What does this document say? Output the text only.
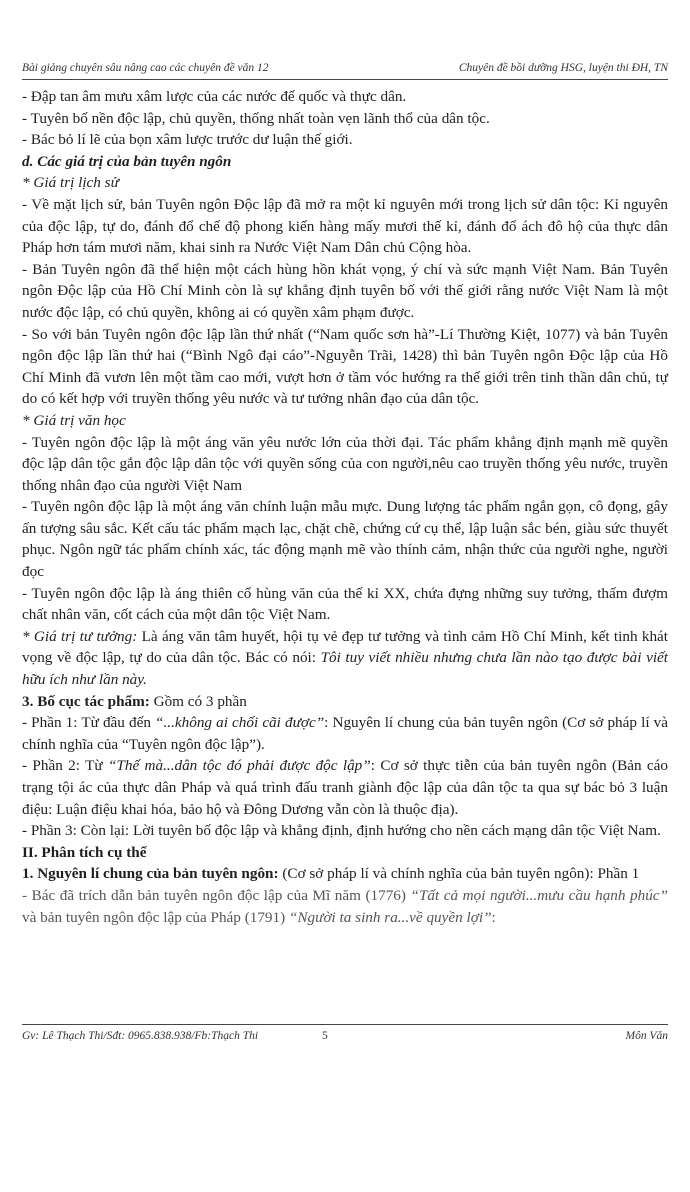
Bài giảng chuyên sâu nâng cao các chuyên đề văn 12	Chuyên đề bồi dưỡng HSG, luyện thi ĐH, TN

- Đập tan âm mưu xâm lược của các nước đế quốc và thực dân.

- Tuyên bố nền độc lập, chủ quyền, thống nhất toàn vẹn lãnh thổ của dân tộc.

- Bác bỏ lí lẽ của bọn xâm lược trước dư luận thế giới.

d. Các giá trị của bản tuyên ngôn

* Giá trị lịch sử

- Về mặt lịch sử, bản Tuyên ngôn Độc lập đã mở ra một kỉ nguyên mới trong lịch sử dân tộc: Kỉ nguyên của độc lập, tự do, đánh đổ chế độ phong kiến hàng mấy mươi thế kỉ, đánh đổ ách đô hộ của thực dân Pháp hơn tám mươi năm, khai sinh ra Nước Việt Nam Dân chủ Cộng hòa.

- Bản Tuyên ngôn đã thể hiện một cách hùng hồn khát vọng, ý chí và sức mạnh Việt Nam. Bản Tuyên ngôn Độc lập của Hồ Chí Minh còn là sự khẳng định tuyên bố với thế giới rằng nước Việt Nam là một nước độc lập, có chủ quyền, không ai có quyền xâm phạm được.

- So với bản Tuyên ngôn độc lập lần thứ nhất (“Nam quốc sơn hà”-Lí Thường Kiệt, 1077) và bản Tuyên ngôn độc lập lần thứ hai (“Bình Ngô đại cáo”-Nguyễn Trãi, 1428) thì bản Tuyên ngôn Độc lập của Hồ Chí Minh đã vươn lên một tầm cao mới, vượt hơn ở tầm vóc hướng ra thế giới trên tinh thần dân chủ, tự do có kết hợp với truyền thống yêu nước và tư tưởng nhân đạo của dân tộc.

* Giá trị văn học

- Tuyên ngôn độc lập là một áng văn yêu nước lớn của thời đại. Tác phẩm khẳng định mạnh mẽ quyền độc lập dân tộc gắn độc lập dân tộc với quyền sống của con người,nêu cao truyền thống yêu nước, truyền thống nhân đạo của người Việt Nam

- Tuyên ngôn độc lập là một áng văn chính luận mẫu mực. Dung lượng tác phẩm ngắn gọn, cô đọng, gây ấn tượng sâu sắc. Kết cấu tác phẩm mạch lạc, chặt chẽ, chứng cứ cụ thể, lập luận sắc bén, giàu sức thuyết phục. Ngôn ngữ tác phẩm chính xác, tác động mạnh mẽ vào thính cảm, nhận thức của người nghe, người đọc

- Tuyên ngôn độc lập là áng thiên cổ hùng văn của thế kỉ XX, chứa đựng những suy tưởng, thấm đượm chất nhân văn, cốt cách của một dân tộc Việt Nam.

* Giá trị tư tưởng: Là áng văn tâm huyết, hội tụ vẻ đẹp tư tưởng và tình cảm Hồ Chí Minh, kết tinh khát vọng về độc lập, tự do của dân tộc. Bác có nói: Tôi tuy viết nhiều nhưng chưa lần nào tạo được bài viết hữu ích như lần này.

3. Bố cục tác phẩm: Gồm có 3 phần

- Phần 1: Từ đầu đến “...không ai chối cãi được”: Nguyên lí chung của bản tuyên ngôn (Cơ sở pháp lí và chính nghĩa của “Tuyên ngôn độc lập”).

- Phần 2: Từ “Thế mà...dân tộc đó phải được độc lập”: Cơ sở thực tiễn của bản tuyên ngôn (Bản cáo trạng tội ác của thực dân Pháp và quá trình đấu tranh giành độc lập của dân tộc ta qua sự bác bỏ 3 luận điệu: Luận điệu khai hóa, bảo hộ và Đông Dương vẫn còn là thuộc địa).

- Phần 3: Còn lại: Lời tuyên bố độc lập và khẳng định, định hướng cho nền cách mạng dân tộc Việt Nam.

II. Phân tích cụ thể

1. Nguyên lí chung của bản tuyên ngôn: (Cơ sở pháp lí và chính nghĩa của bản tuyên ngôn): Phần 1

- Bác đã trích dẫn bản tuyên ngôn độc lập của Mĩ năm (1776) “Tất cả mọi người...mưu cầu hạnh phúc” và bản tuyên ngôn độc lập của Pháp (1791) “Người ta sinh ra...về quyền lợi”:

Gv: Lê Thạch Thi/Sđt: 0965.838.938/Fb:Thạch Thi	5	Môn Văn
